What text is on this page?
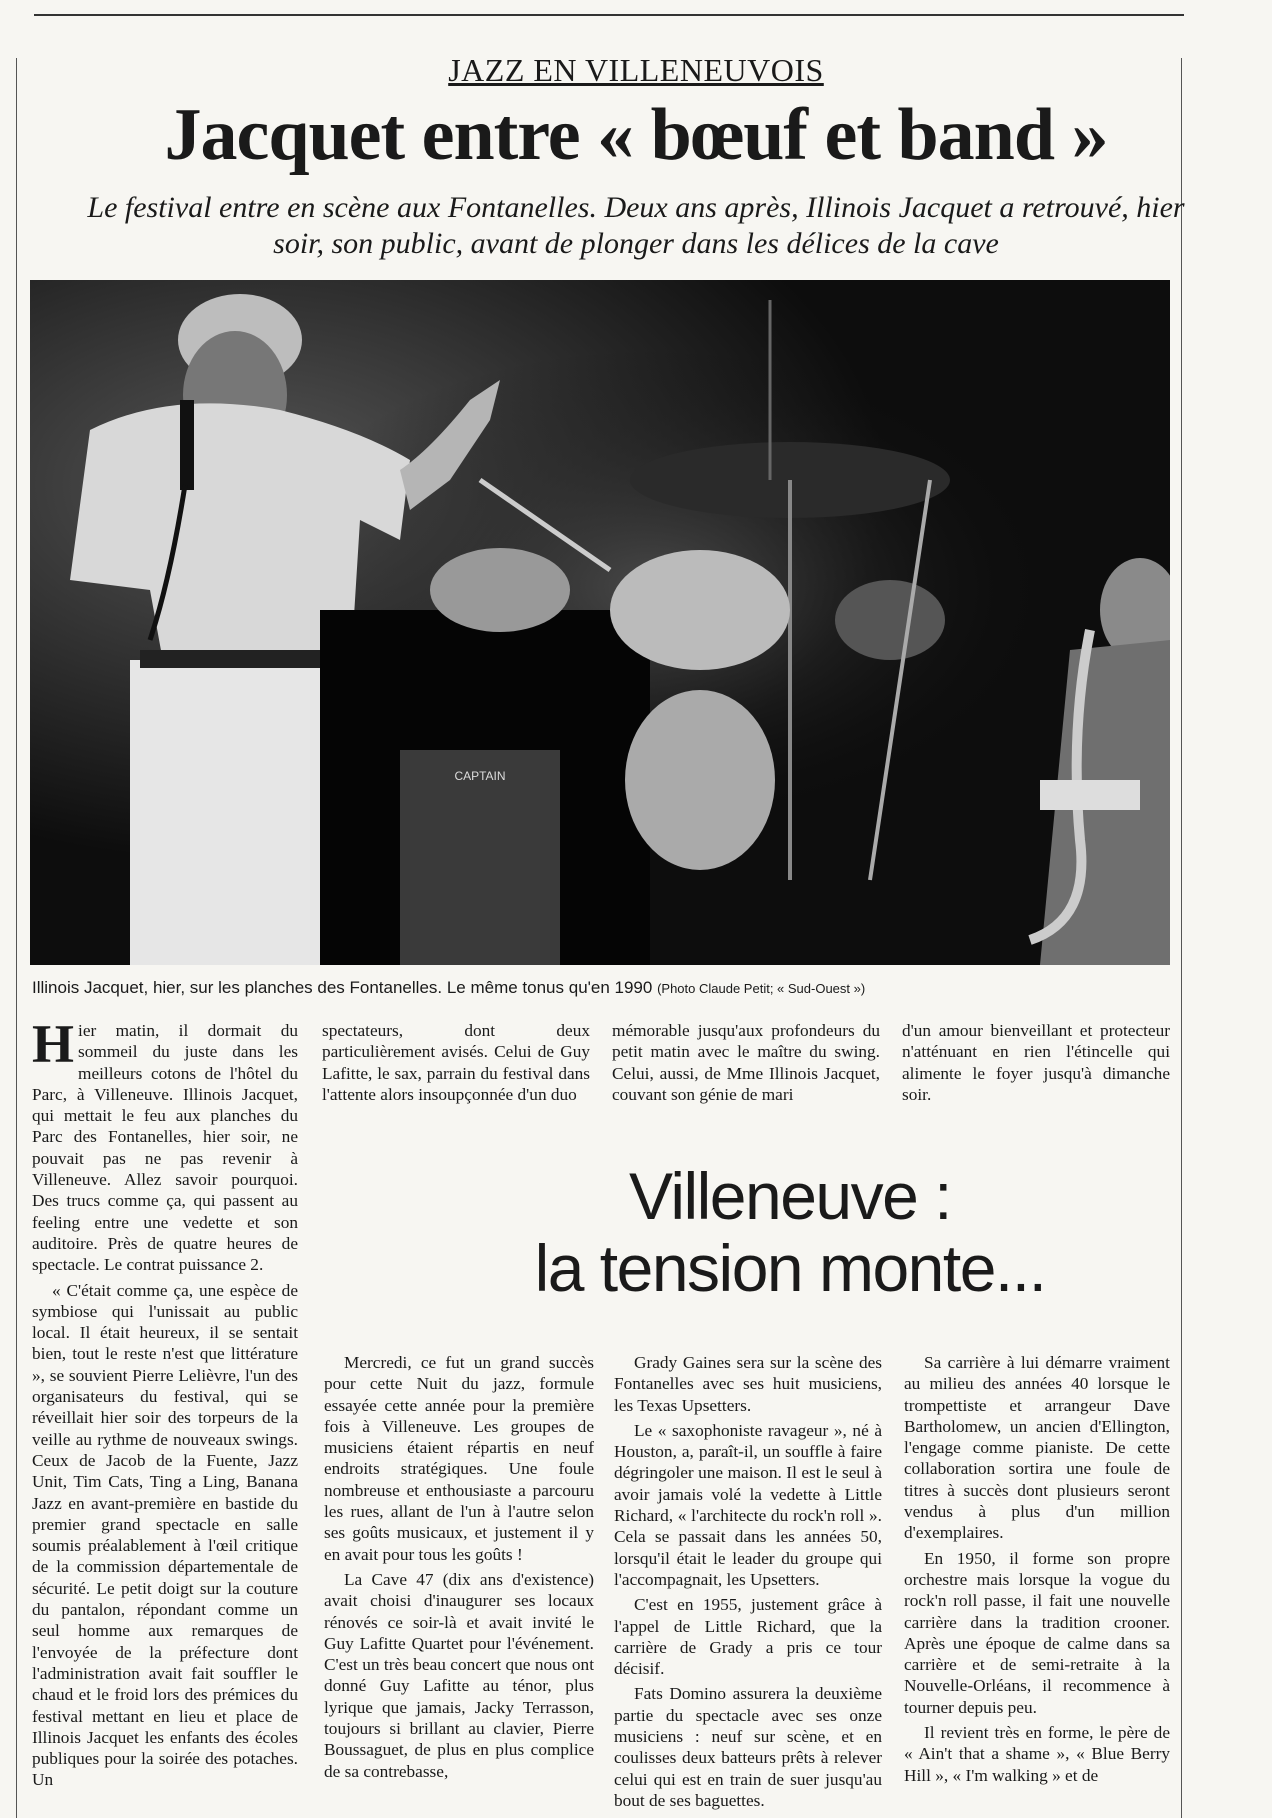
JAZZ EN VILLENEUVOIS
Jacquet entre « bœuf et band »
Le festival entre en scène aux Fontanelles. Deux ans après, Illinois Jacquet a retrouvé, hier soir, son public, avant de plonger dans les délices de la cave
CAPTAIN
Illinois Jacquet, hier, sur les planches des Fontanelles. Le même tonus qu'en 1990 (Photo Claude Petit; « Sud-Ouest »)

Hier matin, il dormait du sommeil du juste dans les meilleurs cotons de l'hôtel du Parc, à Villeneuve. Illinois Jacquet, qui mettait le feu aux planches du Parc des Fontanelles, hier soir, ne pouvait pas ne pas revenir à Villeneuve. Allez savoir pourquoi. Des trucs comme ça, qui passent au feeling entre une vedette et son auditoire. Près de quatre heures de spectacle. Le contrat puissance 2.

« C'était comme ça, une espèce de symbiose qui l'unissait au public local. Il était heureux, il se sentait bien, tout le reste n'est que littérature », se souvient Pierre Lelièvre, l'un des organisateurs du festival, qui se réveillait hier soir des torpeurs de la veille au rythme de nouveaux swings. Ceux de Jacob de la Fuente, Jazz Unit, Tim Cats, Ting a Ling, Banana Jazz en avant-première en bastide du premier grand spectacle en salle soumis préalablement à l'œil critique de la commission départementale de sécurité. Le petit doigt sur la couture du pantalon, répondant comme un seul homme aux remarques de l'envoyée de la préfecture dont l'administration avait fait souffler le chaud et le froid lors des prémices du festival mettant en lieu et place de Illinois Jacquet les enfants des écoles publiques pour la soirée des potaches. Un

spectateurs, dont deux particulièrement avisés. Celui de Guy Lafitte, le sax, parrain du festival dans l'attente alors insoupçonnée d'un duo

mémorable jusqu'aux profondeurs du petit matin avec le maître du swing. Celui, aussi, de Mme Illinois Jacquet, couvant son génie de mari

d'un amour bienveillant et protecteur n'atténuant en rien l'étincelle qui alimente le foyer jusqu'à dimanche soir.

Villeneuve :
la tension monte...

Mercredi, ce fut un grand succès pour cette Nuit du jazz, formule essayée cette année pour la première fois à Villeneuve. Les groupes de musiciens étaient répartis en neuf endroits stratégiques. Une foule nombreuse et enthousiaste a parcouru les rues, allant de l'un à l'autre selon ses goûts musicaux, et justement il y en avait pour tous les goûts !

La Cave 47 (dix ans d'existence) avait choisi d'inaugurer ses locaux rénovés ce soir-là et avait invité le Guy Lafitte Quartet pour l'événement. C'est un très beau concert que nous ont donné Guy Lafitte au ténor, plus lyrique que jamais, Jacky Terrasson, toujours si brillant au clavier, Pierre Boussaguet, de plus en plus complice de sa contrebasse,

Grady Gaines sera sur la scène des Fontanelles avec ses huit musiciens, les Texas Upsetters.

Le « saxophoniste ravageur », né à Houston, a, paraît-il, un souffle à faire dégringoler une maison. Il est le seul à avoir jamais volé la vedette à Little Richard, « l'architecte du rock'n roll ». Cela se passait dans les années 50, lorsqu'il était le leader du groupe qui l'accompagnait, les Upsetters.

C'est en 1955, justement grâce à l'appel de Little Richard, que la carrière de Grady a pris ce tour décisif.

Fats Domino assurera la deuxième partie du spectacle avec ses onze musiciens : neuf sur scène, et en coulisses deux batteurs prêts à relever celui qui est en train de suer jusqu'au bout de ses baguettes.

Sa carrière à lui démarre vraiment au milieu des années 40 lorsque le trompettiste et arrangeur Dave Bartholomew, un ancien d'Ellington, l'engage comme pianiste. De cette collaboration sortira une foule de titres à succès dont plusieurs seront vendus à plus d'un million d'exemplaires.

En 1950, il forme son propre orchestre mais lorsque la vogue du rock'n roll passe, il fait une nouvelle carrière dans la tradition crooner. Après une époque de calme dans sa carrière et de semi-retraite à la Nouvelle-Orléans, il recommence à tourner depuis peu.

Il revient très en forme, le père de « Ain't that a shame », « Blue Berry Hill », « I'm walking » et de
